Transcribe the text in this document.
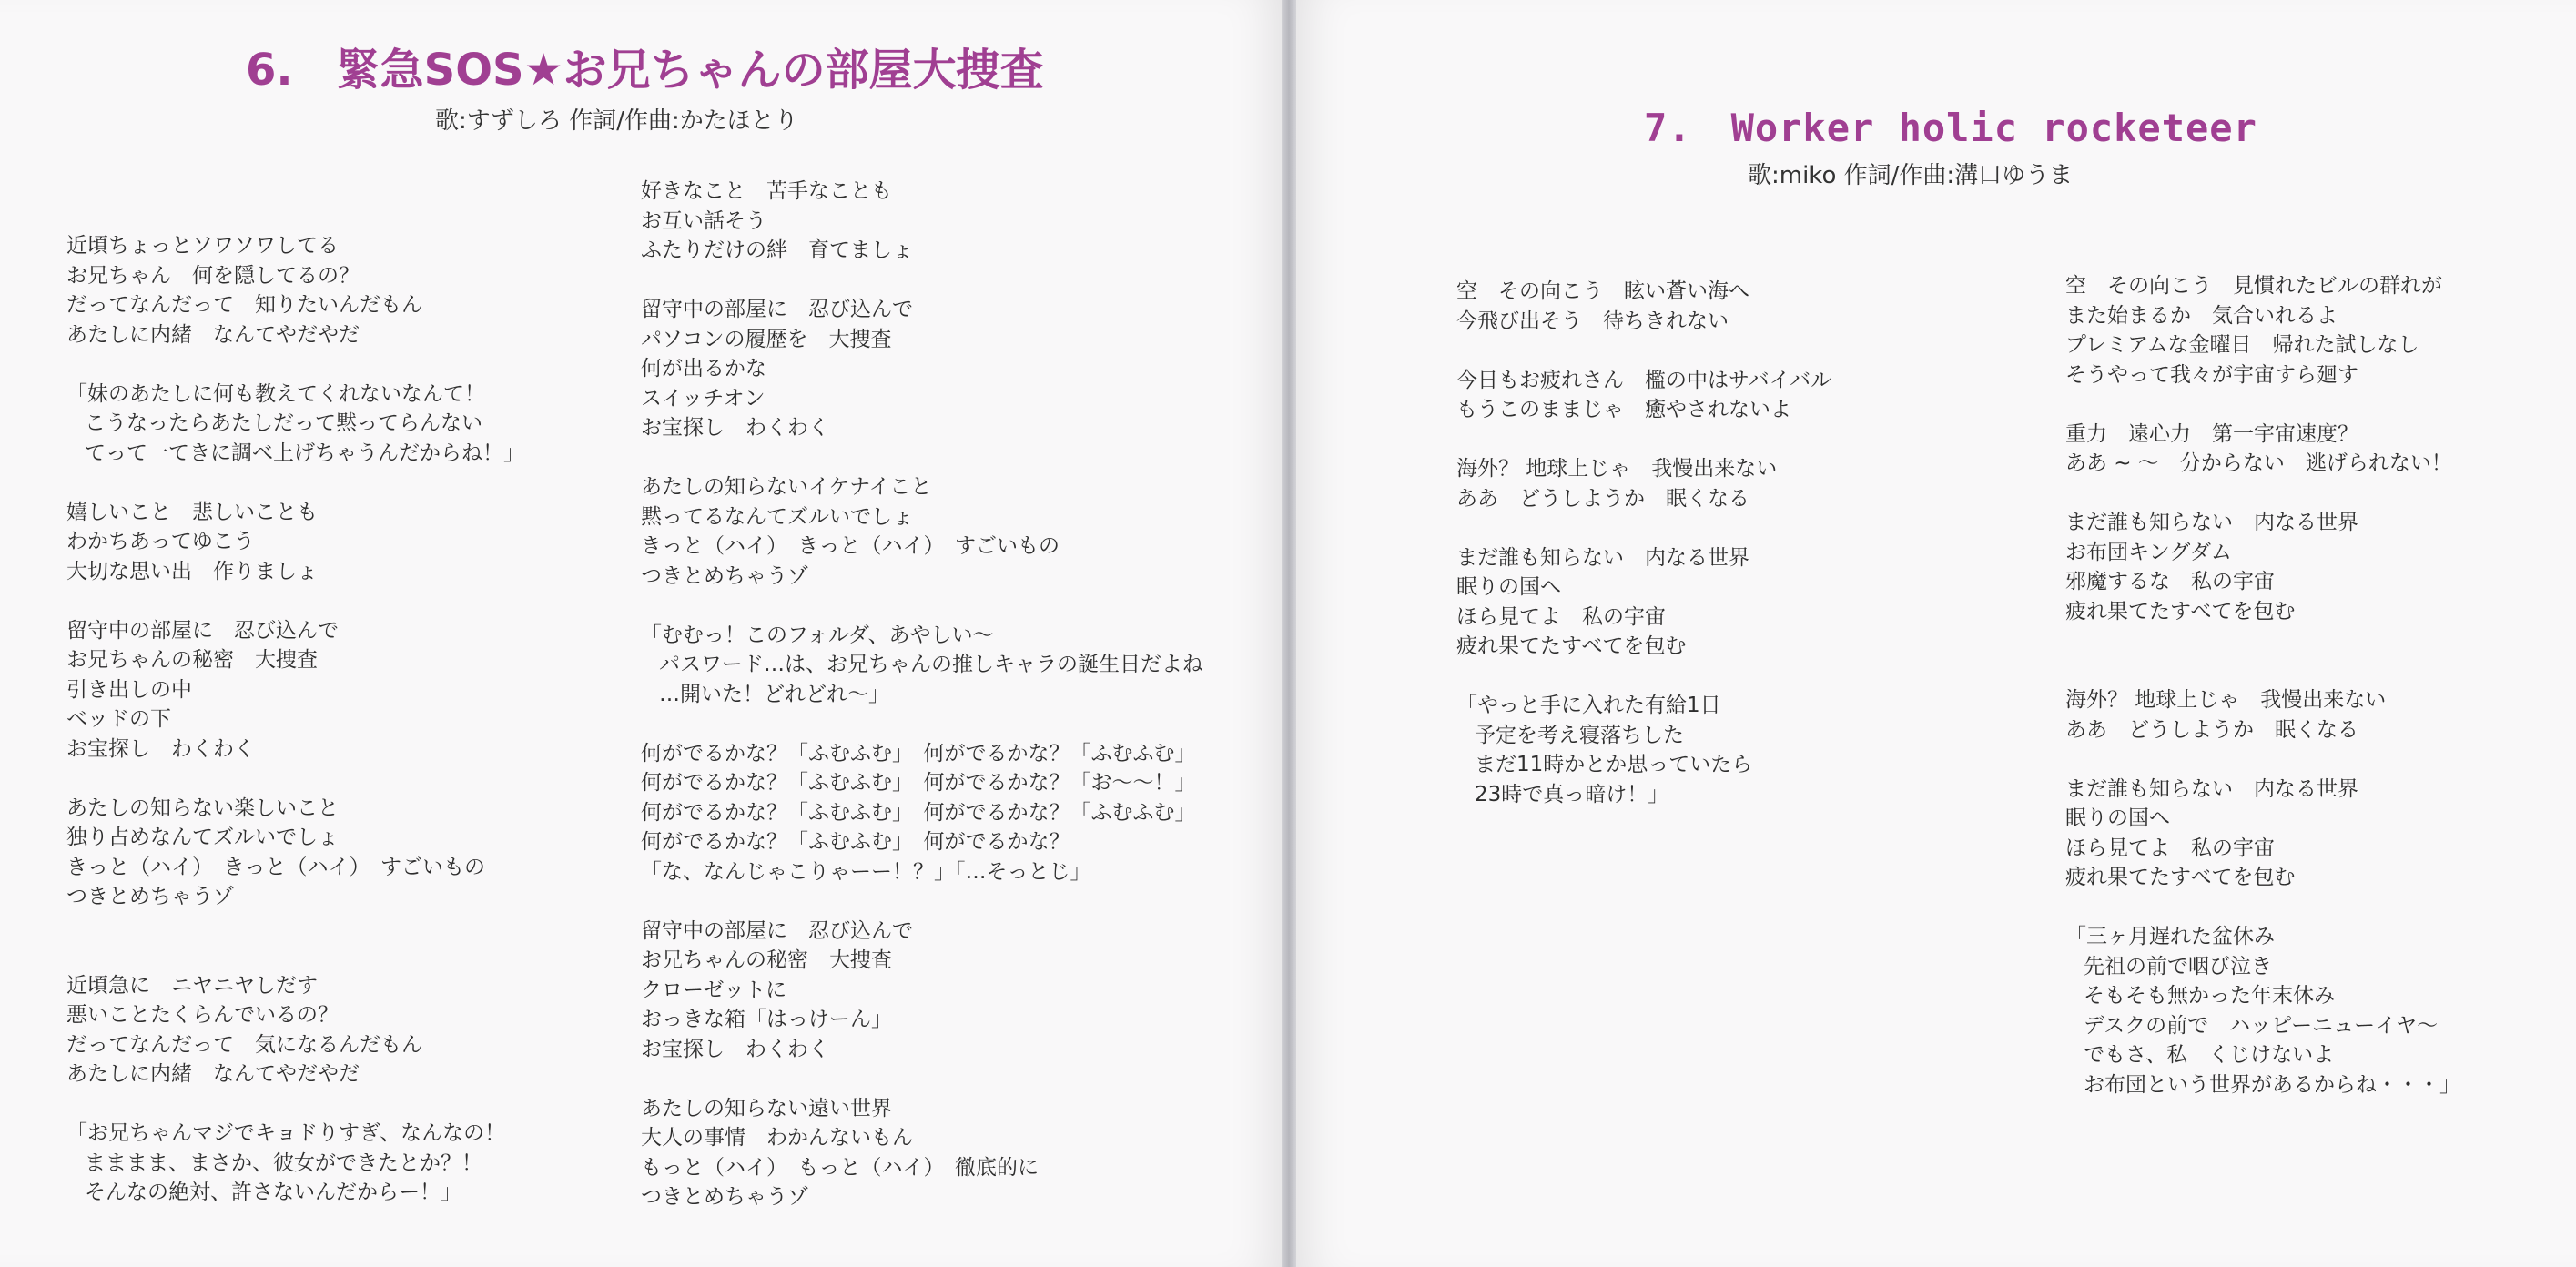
6.　緊急SOS★お兄ちゃんの部屋大捜査

歌:すずしろ 作詞/作曲:かたほとり

近頃ちょっとソワソワしてる
お兄ちゃん　何を隠してるの？
だってなんだって　知りたいんだもん
あたしに内緒　なんてやだやだ
「妹のあたしに何も教えてくれないなんて！
こうなったらあたしだって黙ってらんない
てって一てきに調べ上げちゃうんだからね！」
嬉しいこと　悲しいことも
わかちあってゆこう
大切な思い出　作りましょ
留守中の部屋に　忍び込んで
お兄ちゃんの秘密　大捜査
引き出しの中
ベッドの下
お宝探し　わくわく
あたしの知らない楽しいこと
独り占めなんてズルいでしょ
きっと（ハイ）　きっと（ハイ）　すごいもの
つきとめちゃうゾ
近頃急に　ニヤニヤしだす
悪いことたくらんでいるの？
だってなんだって　気になるんだもん
あたしに内緒　なんてやだやだ
「お兄ちゃんマジでキョドりすぎ、なんなの！
まままま、まさか、彼女ができたとか？！
そんなの絶対、許さないんだからー！」
好きなこと　苦手なことも
お互い話そう
ふたりだけの絆　育てましょ
留守中の部屋に　忍び込んで
パソコンの履歴を　大捜査
何が出るかな
スイッチオン
お宝探し　わくわく
あたしの知らないイケナイこと
黙ってるなんてズルいでしょ
きっと（ハイ）　きっと（ハイ）　すごいもの
つきとめちゃうゾ
「むむっ！このフォルダ、あやしい～
パスワード…は、お兄ちゃんの推しキャラの誕生日だよね
…開いた！どれどれ～」
何がでるかな？「ふむふむ」　何がでるかな？「ふむふむ」
何がでるかな？「ふむふむ」　何がでるかな？「お～～！」
何がでるかな？「ふむふむ」　何がでるかな？「ふむふむ」
何がでるかな？「ふむふむ」　何がでるかな？
「な、なんじゃこりゃーー！？」「…そっとじ」
留守中の部屋に　忍び込んで
お兄ちゃんの秘密　大捜査
クローゼットに
おっきな箱「はっけーん」
お宝探し　わくわく
あたしの知らない遠い世界
大人の事情　わかんないもん
もっと（ハイ）　もっと（ハイ）　徹底的に
つきとめちゃうゾ
7.　Worker holic rocketeer

歌:miko 作詞/作曲:溝口ゆうま

空　その向こう　眩い蒼い海へ
今飛び出そう　待ちきれない
今日もお疲れさん　檻の中はサバイバル
もうこのままじゃ　癒やされないよ
海外？ 地球上じゃ　我慢出来ない
ああ　どうしようか　眠くなる
まだ誰も知らない　内なる世界
眠りの国へ
ほら見てよ　私の宇宙
疲れ果てたすべてを包む
「やっと手に入れた有給1日
予定を考え寝落ちした
まだ11時かとか思っていたら
23時で真っ暗け！」
空　その向こう　見慣れたビルの群れが
また始まるか　気合いれるよ
プレミアムな金曜日　帰れた試しなし
そうやって我々が宇宙すら廻す
重力　遠心力　第一宇宙速度？
ああ ~ ～　分からない　逃げられない！
まだ誰も知らない　内なる世界
お布団キングダム
邪魔するな　私の宇宙
疲れ果てたすべてを包む
海外？ 地球上じゃ　我慢出来ない
ああ　どうしようか　眠くなる
まだ誰も知らない　内なる世界
眠りの国へ
ほら見てよ　私の宇宙
疲れ果てたすべてを包む
「三ヶ月遅れた盆休み
先祖の前で咽び泣き
そもそも無かった年末休み
デスクの前で　ハッピーニューイヤ～
でもさ、私　くじけないよ
お布団という世界があるからね・・・」
